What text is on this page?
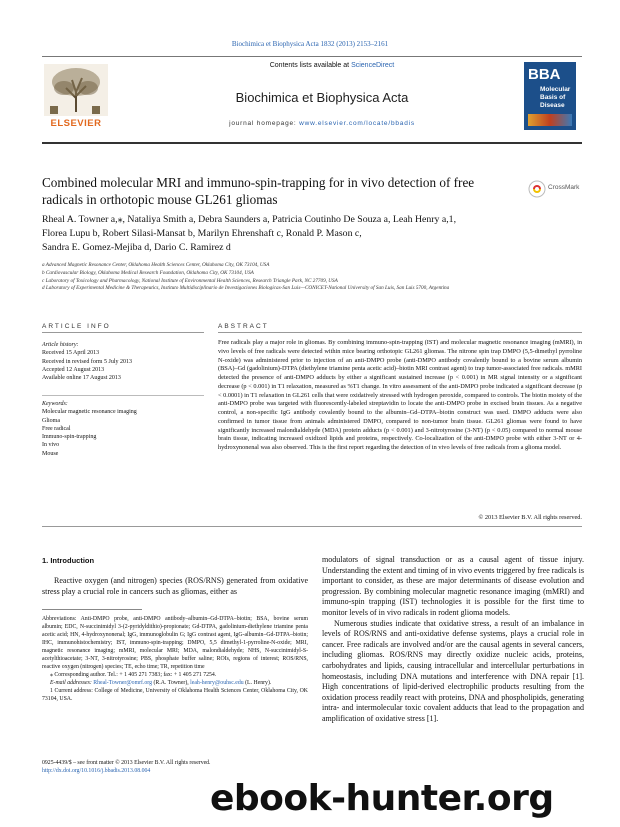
Biochimica et Biophysica Acta 1832 (2013) 2153–2161
ELSEVIER
Contents lists available at ScienceDirect
Biochimica et Biophysica Acta
journal homepage: www.elsevier.com/locate/bbadis
BBA
Molecular
Basis of
Disease
Combined molecular MRI and immuno-spin-trapping for in vivo detection of free radicals in orthotopic mouse GL261 gliomas
CrossMark
Rheal A. Towner a,⁎, Nataliya Smith a, Debra Saunders a, Patricia Coutinho De Souza a, Leah Henry a,1,
Florea Lupu b, Robert Silasi-Mansat b, Marilyn Ehrenshaft c, Ronald P. Mason c,
Sandra E. Gomez-Mejiba d, Dario C. Ramirez d
a Advanced Magnetic Resonance Center, Oklahoma Health Sciences Center, Oklahoma City, OK 73104, USA
b Cardiovascular Biology, Oklahoma Medical Research Foundation, Oklahoma City, OK 73104, USA
c Laboratory of Toxicology and Pharmacology, National Institute of Environmental Health Sciences, Research Triangle Park, NC 27709, USA
d Laboratory of Experimental Medicine & Therapeutics, Instituto Multidisciplinario de Investigaciones Biologicas-San Luis—CONICET-National University of San Luis, San Luis 5700, Argentina
ARTICLE INFO	ABSTRACT
Article history:
Received 15 April 2013
Received in revised form 5 July 2013
Accepted 12 August 2013
Available online 17 August 2013
Keywords:
Molecular magnetic resonance imaging
Glioma
Free radical
Immuno-spin-trapping
In vivo
Mouse
Free radicals play a major role in gliomas. By combining immuno-spin-trapping (IST) and molecular magnetic resonance imaging (mMRI), in vivo levels of free radicals were detected within mice bearing orthotopic GL261 gliomas. The nitrone spin trap DMPO (5,5-dimethyl pyrroline N-oxide) was administered prior to injection of an anti-DMPO probe (anti-DMPO antibody covalently bound to a bovine serum albumin (BSA)–Gd (gadolinium)-DTPA (diethylene triamine penta acetic acid)–biotin MRI contrast agent) to trap tumor-associated free radicals. mMRI detected the presence of anti-DMPO adducts by either a significant sustained increase (p < 0.001) in MR signal intensity or a significant decrease (p < 0.001) in T1 relaxation, measured as %T1 change. In vitro assessment of the anti-DMPO probe indicated a significant decrease (p < 0.0001) in T1 relaxation in GL261 cells that were oxidatively stressed with hydrogen peroxide, compared to controls. The biotin moiety of the anti-DMPO probe was targeted with fluorescently-labeled streptavidin to locate the anti-DMPO probe in excised brain tissues. As a negative control, a non-specific IgG antibody covalently bound to the albumin–Gd–DTPA–biotin construct was used. DMPO adducts were also confirmed in tumor tissue from animals administered DMPO, compared to non-tumor brain tissue. GL261 gliomas were found to have significantly increased malondialdehyde (MDA) protein adducts (p < 0.001) and 3-nitrotyrosine (3-NT) (p < 0.05) compared to normal mouse brain tissue, indicating increased oxidized lipids and proteins, respectively. Co-localization of the anti-DMPO probe with either 3-NT or 4-hydroxynonenal was also observed. This is the first report regarding the detection of in vivo levels of free radicals from a glioma model.
© 2013 Elsevier B.V. All rights reserved.
1. Introduction

Reactive oxygen (and nitrogen) species (ROS/RNS) generated from oxidative stress play a crucial role in cancers such as gliomas, either as

Abbreviations: Anti-DMPO probe, anti-DMPO antibody–albumin–Gd-DTPA–biotin; BSA, bovine serum albumin; EDC, N-succinimidyl 3-(2-pyridyldithio)-propionate; Gd-DTPA, gadolinium-diethylene triamine penta acetic acid; HN, 4-hydroxynonenal; IgG, immunoglobulin G; IgG contrast agent, IgG-albumin–Gd-DTPA–biotin; IHC, immunohistochemistry; IST, immuno-spin-trapping; DMPO, 5,5 dimethyl-1-pyrroline-N-oxide; MRI, magnetic resonance imaging; mMRI, molecular MRI; MDA, malondialdehyde; NHS, N-succinimidyl-S-acetylthioacetate; 3-NT, 3-nitrotyrosine; PBS, phosphate buffer saline; ROIs, regions of interest; ROS/RNS, reactive oxygen (nitrogen) species; TE, echo time; TR, repetition time

⁎ Corresponding author. Tel.: + 1 405 271 7383; fax: + 1 405 271 7254.

E-mail addresses: Rheal-Towner@omrf.org (R.A. Towner), leah-henry@ouhsc.edu (L. Henry).

1 Current address: College of Medicine, University of Oklahoma Health Sciences Center, Oklahoma City, OK 73104, USA.

0925-4439/$ – see front matter © 2013 Elsevier B.V. All rights reserved.
http://dx.doi.org/10.1016/j.bbadis.2013.08.004

modulators of signal transduction or as a causal agent of tissue injury. Understanding the extent and timing of in vivo events triggered by free radicals is important to consider, as these are major determinants of disease evolution and progression. By combining molecular magnetic resonance imaging (mMRI) and immuno-spin trapping (IST) technologies it is possible for the first time to monitor levels of in vivo radicals in rodent glioma models.

Numerous studies indicate that oxidative stress, a result of an imbalance in levels of ROS/RNS and anti-oxidative defense systems, plays a crucial role in cancer. Free radicals are involved and/or are the causal agents in several cancers, including gliomas. ROS/RNS may directly oxidize nucleic acids, proteins, carbohydrates and lipids, causing intracellular and intercellular perturbations in homeostasis, including DNA mutations and interference with DNA repair [1]. High concentrations of lipid-derived electrophilic products resulting from the oxidation process readily react with proteins, DNA and phospholipids, generating intra- and intermolecular toxic covalent adducts that lead to the propagation and amplification of oxidative stress [1].

ebook-hunter.org
